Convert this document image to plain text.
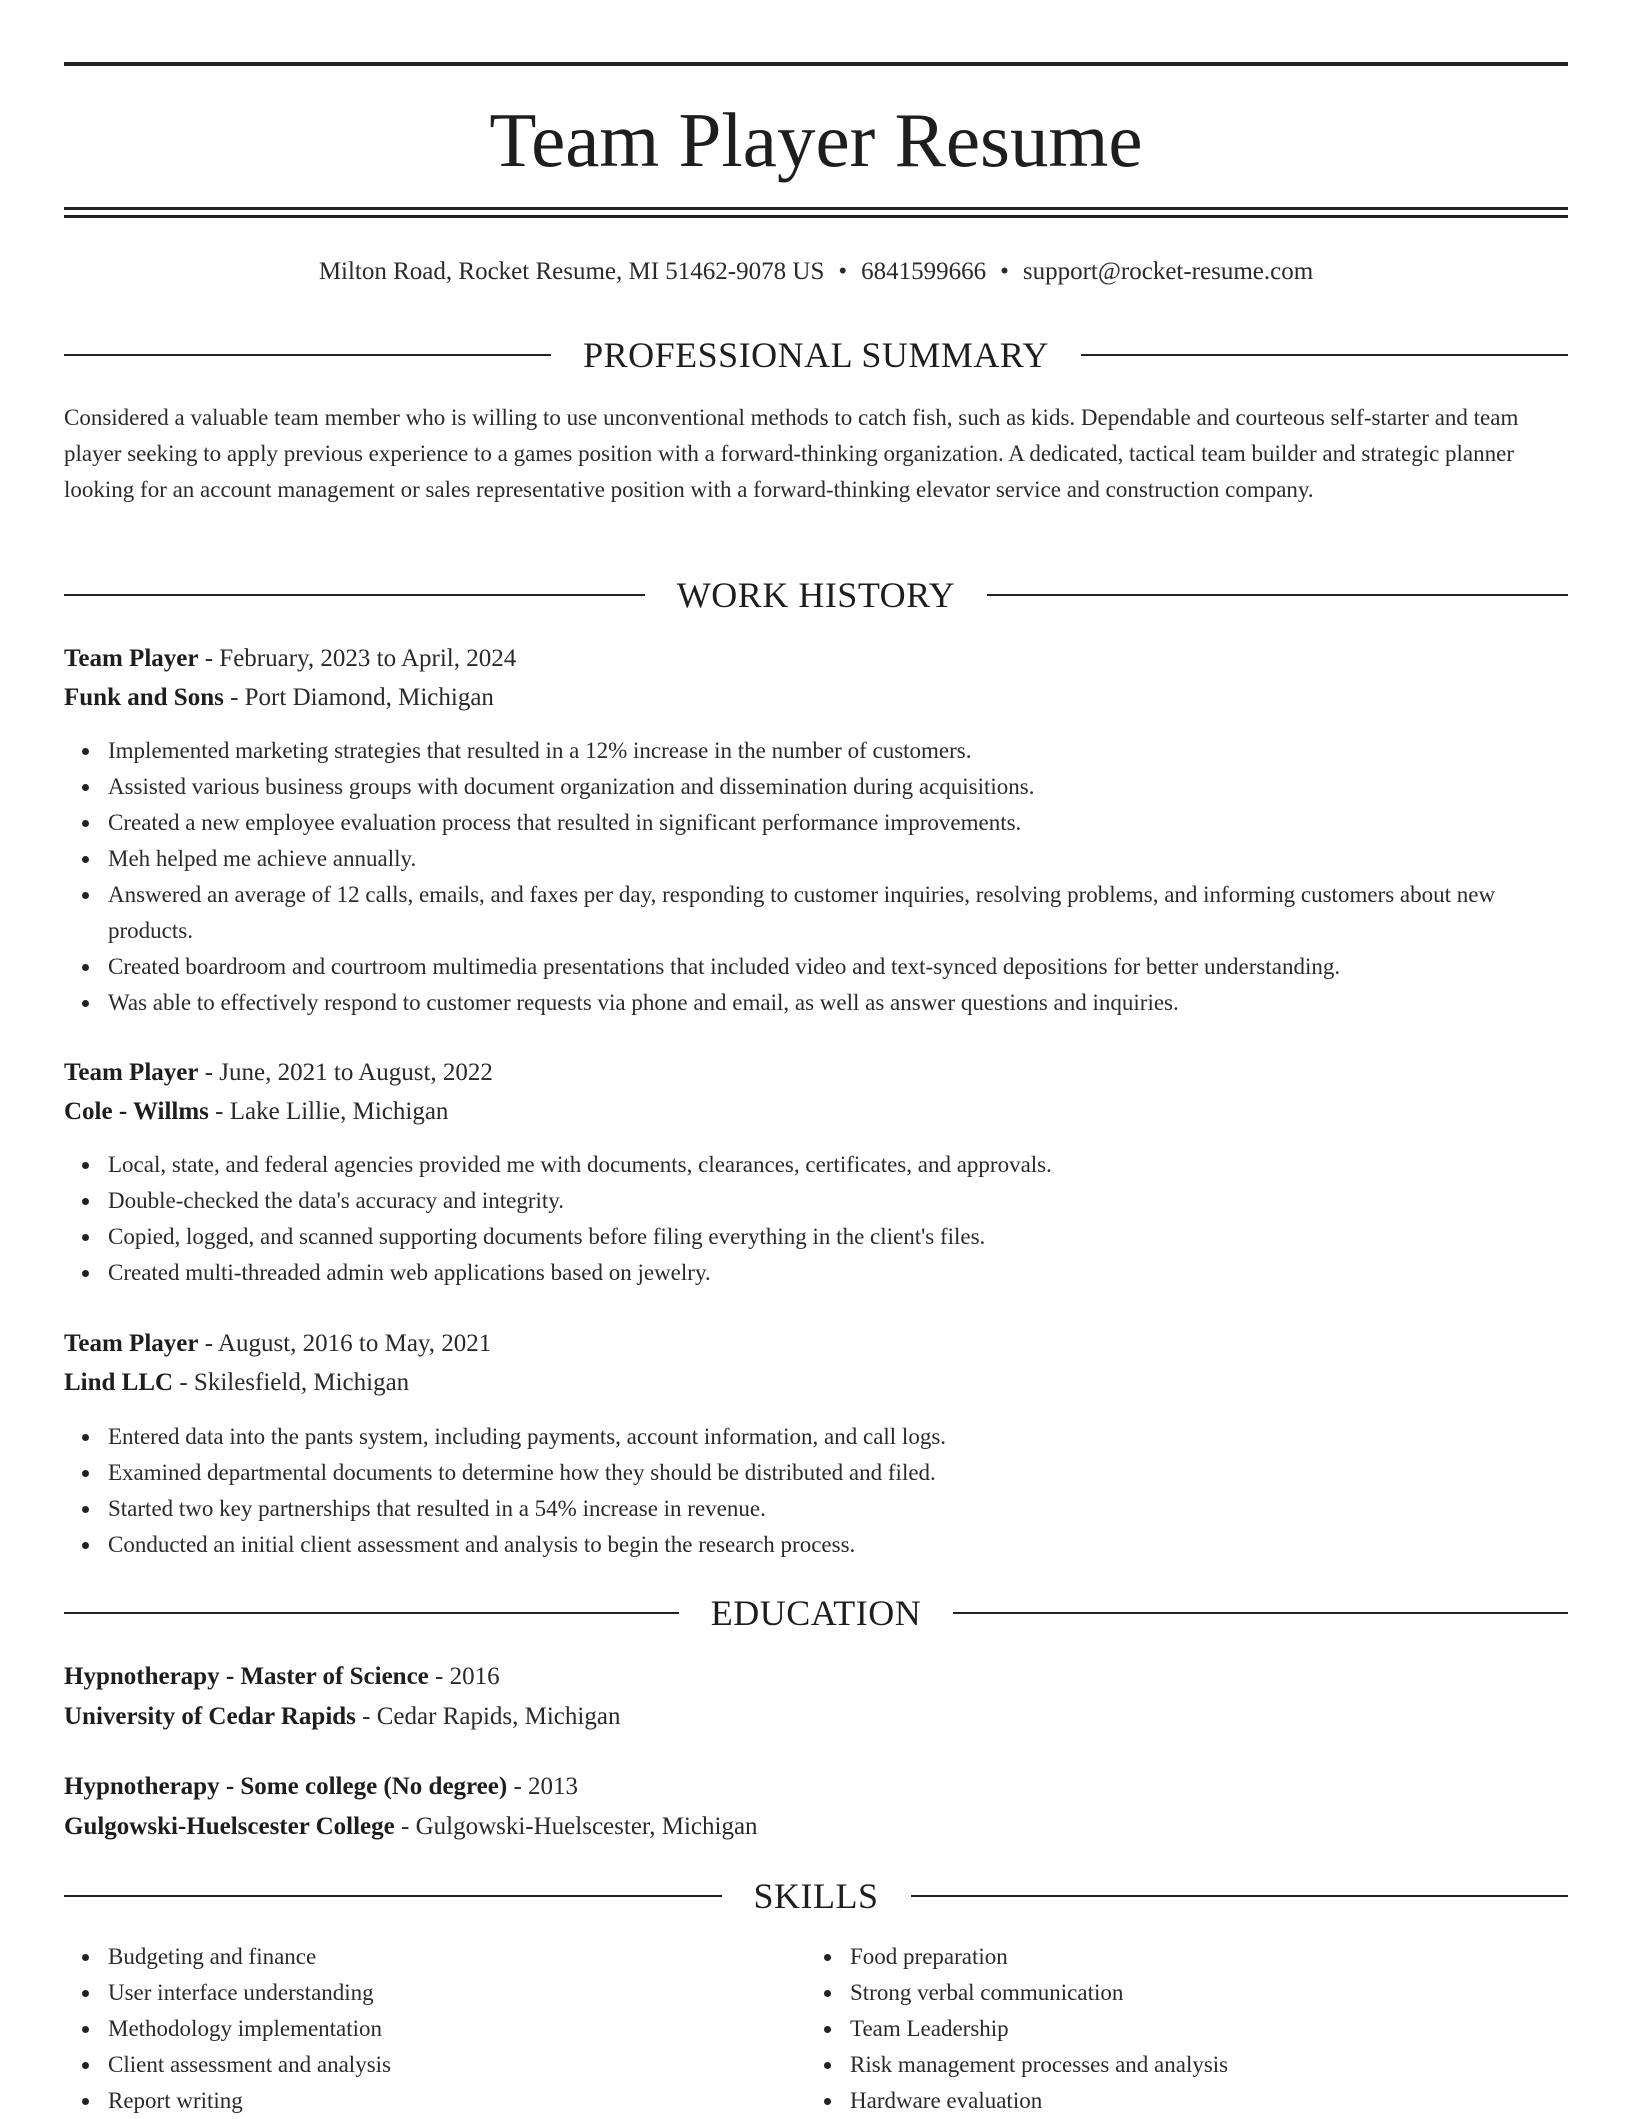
Team Player Resume
Milton Road, Rocket Resume, MI 51462-9078 US • 6841599666 • support@rocket-resume.com
PROFESSIONAL SUMMARY
Considered a valuable team member who is willing to use unconventional methods to catch fish, such as kids. Dependable and courteous self-starter and team player seeking to apply previous experience to a games position with a forward-thinking organization. A dedicated, tactical team builder and strategic planner looking for an account management or sales representative position with a forward-thinking elevator service and construction company.
WORK HISTORY
Team Player - February, 2023 to April, 2024
Funk and Sons - Port Diamond, Michigan
Implemented marketing strategies that resulted in a 12% increase in the number of customers.
Assisted various business groups with document organization and dissemination during acquisitions.
Created a new employee evaluation process that resulted in significant performance improvements.
Meh helped me achieve annually.
Answered an average of 12 calls, emails, and faxes per day, responding to customer inquiries, resolving problems, and informing customers about new products.
Created boardroom and courtroom multimedia presentations that included video and text-synced depositions for better understanding.
Was able to effectively respond to customer requests via phone and email, as well as answer questions and inquiries.
Team Player - June, 2021 to August, 2022
Cole - Willms - Lake Lillie, Michigan
Local, state, and federal agencies provided me with documents, clearances, certificates, and approvals.
Double-checked the data's accuracy and integrity.
Copied, logged, and scanned supporting documents before filing everything in the client's files.
Created multi-threaded admin web applications based on jewelry.
Team Player - August, 2016 to May, 2021
Lind LLC - Skilesfield, Michigan
Entered data into the pants system, including payments, account information, and call logs.
Examined departmental documents to determine how they should be distributed and filed.
Started two key partnerships that resulted in a 54% increase in revenue.
Conducted an initial client assessment and analysis to begin the research process.
EDUCATION
Hypnotherapy - Master of Science - 2016
University of Cedar Rapids - Cedar Rapids, Michigan
Hypnotherapy - Some college (No degree) - 2013
Gulgowski-Huelscester College - Gulgowski-Huelscester, Michigan
SKILLS
Budgeting and finance
User interface understanding
Methodology implementation
Client assessment and analysis
Report writing
Food preparation
Strong verbal communication
Team Leadership
Risk management processes and analysis
Hardware evaluation
